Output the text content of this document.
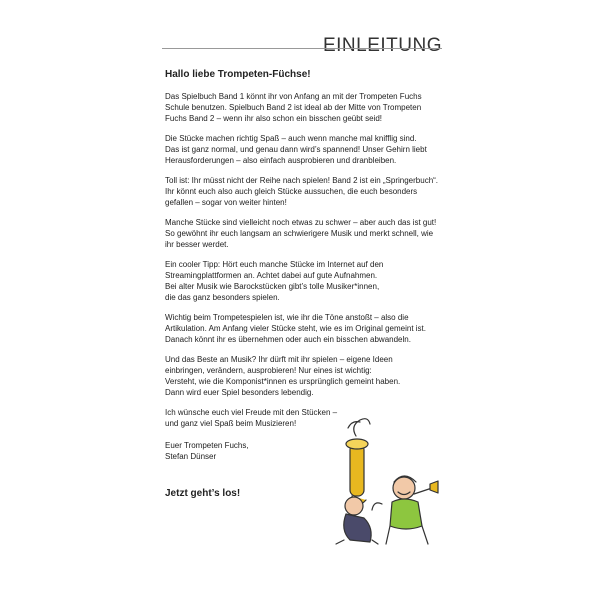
EINLEITUNG
Hallo liebe Trompeten-Füchse!

Das Spielbuch Band 1 könnt ihr von Anfang an mit der Trompeten Fuchs
Schule benutzen. Spielbuch Band 2 ist ideal ab der Mitte von Trompeten
Fuchs Band 2 – wenn ihr also schon ein bisschen geübt seid!

Die Stücke machen richtig Spaß – auch wenn manche mal knifflig sind.
Das ist ganz normal, und genau dann wird’s spannend! Unser Gehirn liebt
Herausforderungen – also einfach ausprobieren und dranbleiben.

Toll ist: Ihr müsst nicht der Reihe nach spielen! Band 2 ist ein „Springerbuch“.
Ihr könnt euch also auch gleich Stücke aussuchen, die euch besonders
gefallen – sogar von weiter hinten!

Manche Stücke sind vielleicht noch etwas zu schwer – aber auch das ist gut!
So gewöhnt ihr euch langsam an schwierigere Musik und merkt schnell, wie
ihr besser werdet.

Ein cooler Tipp: Hört euch manche Stücke im Internet auf den
Streamingplattformen an. Achtet dabei auf gute Aufnahmen.
Bei alter Musik wie Barockstücken gibt’s tolle Musiker*innen,
die das ganz besonders spielen.

Wichtig beim Trompetespielen ist, wie ihr die Töne anstoßt – also die
Artikulation. Am Anfang vieler Stücke steht, wie es im Original gemeint ist.
Danach könnt ihr es übernehmen oder auch ein bisschen abwandeln.

Und das Beste an Musik? Ihr dürft mit ihr spielen – eigene Ideen
einbringen, verändern, ausprobieren! Nur eines ist wichtig:
Versteht, wie die Komponist*innen es ursprünglich gemeint haben.
Dann wird euer Spiel besonders lebendig.

Ich wünsche euch viel Freude mit den Stücken –
und ganz viel Spaß beim Musizieren!

Euer Trompeten Fuchs,
Stefan Dünser

Jetzt geht’s los!
